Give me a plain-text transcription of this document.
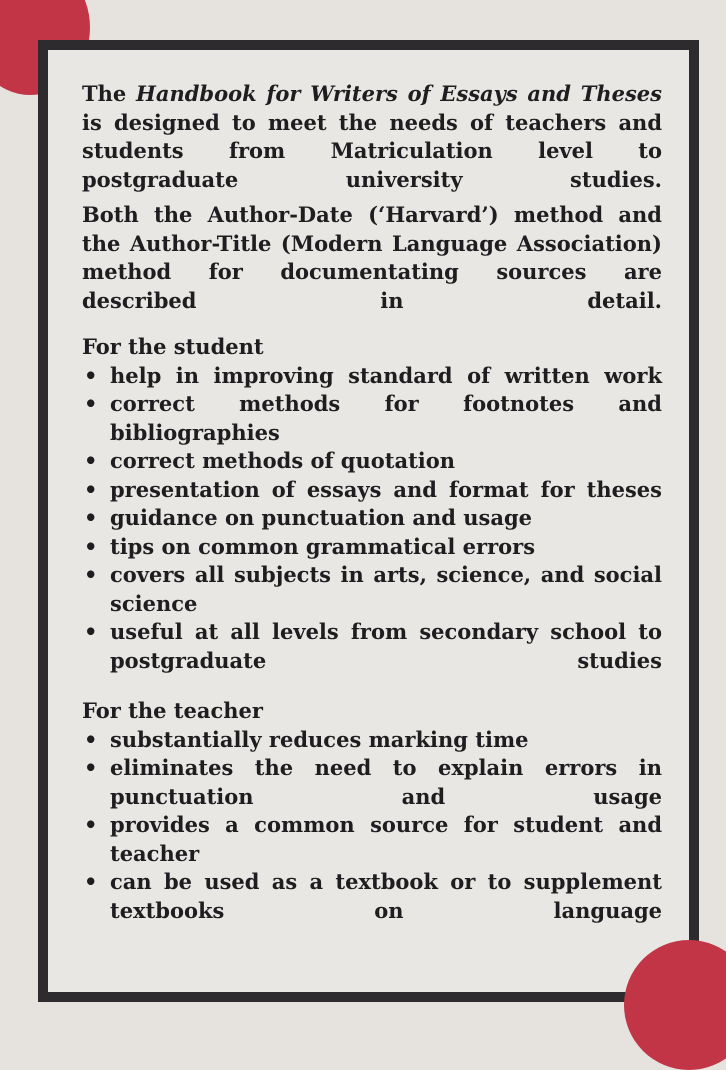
The Handbook for Writers of Essays and Theses is designed to meet the needs of teachers and students from Matriculation level to postgraduate university studies.

Both the Author-Date (‘Harvard’) method and the Author-Title (Modern Language Association) method for documentating sources are described in detail.

For the student

• help in improving standard of written work
• correct methods for footnotes and bibliographies
• correct methods of quotation
• presentation of essays and format for theses
• guidance on punctuation and usage
• tips on common grammatical errors
• covers all subjects in arts, science, and social science
• useful at all levels from secondary school to postgraduate studies

For the teacher

• substantially reduces marking time
• eliminates the need to explain errors in punctuation and usage
• provides a common source for student and teacher
• can be used as a textbook or to supplement textbooks on language
